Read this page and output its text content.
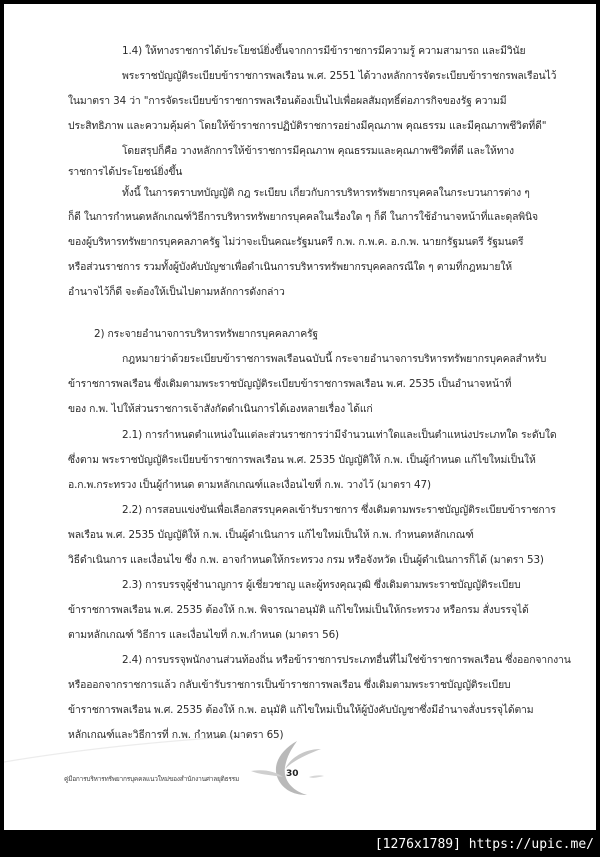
1.4) ให้ทางราชการได้ประโยชน์ยิ่งขึ้นจากการมีข้าราชการมีความรู้ ความสามารถ และมีวินัย
พระราชบัญญัติระเบียบข้าราชการพลเรือน พ.ศ. 2551 ได้วางหลักการจัดระเบียบข้าราชกรพลเรือนไว้
ในมาตรา 34 ว่า "การจัดระเบียบข้าราชการพลเรือนต้องเป็นไปเพื่อผลสัมฤทธิ์ต่อภารกิจของรัฐ ความมี
ประสิทธิภาพ และความคุ้มค่า โดยให้ข้าราชการปฏิบัติราชการอย่างมีคุณภาพ คุณธรรม และมีคุณภาพชีวิตที่ดี"
โดยสรุปก็คือ วางหลักการให้ข้าราชการมีคุณภาพ คุณธรรมและคุณภาพชีวิตที่ดี และให้ทาง
ราชการได้ประโยชน์ยิ่งขึ้น
ทั้งนี้ ในการตราบทบัญญัติ กฎ ระเบียบ เกี่ยวกับการบริหารทรัพยากรบุคคลในกระบวนการต่าง ๆ
ก็ดี ในการกำหนดหลักเกณฑ์วิธีการบริหารทรัพยากรบุคคลในเรื่องใด ๆ ก็ดี ในการใช้อำนาจหน้าที่และดุลพินิจ
ของผู้บริหารทรัพยากรบุคคลภาครัฐ ไม่ว่าจะเป็นคณะรัฐมนตรี ก.พ. ก.พ.ค. อ.ก.พ. นายกรัฐมนตรี รัฐมนตรี
หรือส่วนราชการ รวมทั้งผู้บังคับบัญชาเพื่อดำเนินการบริหารทรัพยากรบุคคลกรณีใด ๆ ตามที่กฎหมายให้
อำนาจไว้ก็ดี จะต้องให้เป็นไปตามหลักการดังกล่าว
2) กระจายอำนาจการบริหารทรัพยากรบุคคลภาครัฐ
กฎหมายว่าด้วยระเบียบข้าราชการพลเรือนฉบับนี้ กระจายอำนาจการบริหารทรัพยากรบุคคลสำหรับ
ข้าราชการพลเรือน ซึ่งเดิมตามพระราชบัญญัติระเบียบข้าราชการพลเรือน พ.ศ. 2535 เป็นอำนาจหน้าที่
ของ ก.พ. ไปให้ส่วนราชการเจ้าสังกัดดำเนินการได้เองหลายเรื่อง ได้แก่
2.1) การกำหนดตำแหน่งในแต่ละส่วนราชการว่ามีจำนวนเท่าใดและเป็นตำแหน่งประเภทใด ระดับใด
ซึ่งตาม พระราชบัญญัติระเบียบข้าราชการพลเรือน พ.ศ. 2535 บัญญัติให้ ก.พ. เป็นผู้กำหนด แก้ไขใหม่เป็นให้
อ.ก.พ.กระทรวง เป็นผู้กำหนด ตามหลักเกณฑ์และเงื่อนไขที่ ก.พ. วางไว้ (มาตรา 47)
2.2) การสอบแข่งขันเพื่อเลือกสรรบุคคลเข้ารับราชการ ซึ่งเดิมตามพระราชบัญญัติระเบียบข้าราชการ
พลเรือน พ.ศ. 2535 บัญญัติให้ ก.พ. เป็นผู้ดำเนินการ แก้ไขใหม่เป็นให้ ก.พ. กำหนดหลักเกณฑ์
วิธีดำเนินการ และเงื่อนไข ซึ่ง ก.พ. อาจกำหนดให้กระทรวง กรม หรือจังหวัด เป็นผู้ดำเนินการก็ได้ (มาตรา 53)
2.3) การบรรจุผู้ชำนาญการ ผู้เชี่ยวชาญ และผู้ทรงคุณวุฒิ ซึ่งเดิมตามพระราชบัญญัติระเบียบ
ข้าราชการพลเรือน พ.ศ. 2535 ต้องให้ ก.พ. พิจารณาอนุมัติ แก้ไขใหม่เป็นให้กระทรวง หรือกรม สั่งบรรจุได้
ตามหลักเกณฑ์ วิธีการ และเงื่อนไขที่ ก.พ.กำหนด (มาตรา 56)
2.4) การบรรจุพนักงานส่วนท้องถิ่น หรือข้าราชการประเภทอื่นที่ไม่ใช่ข้าราชการพลเรือน ซึ่งออกจากงาน
หรือออกจากราชการแล้ว กลับเข้ารับราชการเป็นข้าราชการพลเรือน ซึ่งเดิมตามพระราชบัญญัติระเบียบ
ข้าราชการพลเรือน พ.ศ. 2535 ต้องให้ ก.พ. อนุมัติ แก้ไขใหม่เป็นให้ผู้บังคับบัญชาซึ่งมีอำนาจสั่งบรรจุได้ตาม
หลักเกณฑ์และวิธีการที่ ก.พ. กำหนด (มาตรา 65)
คู่มือการบริหารทรัพยากรบุคคลแนวใหม่ของสำนักงานศาลยุติธรรม	30
[1276x1789] https://upic.me/
